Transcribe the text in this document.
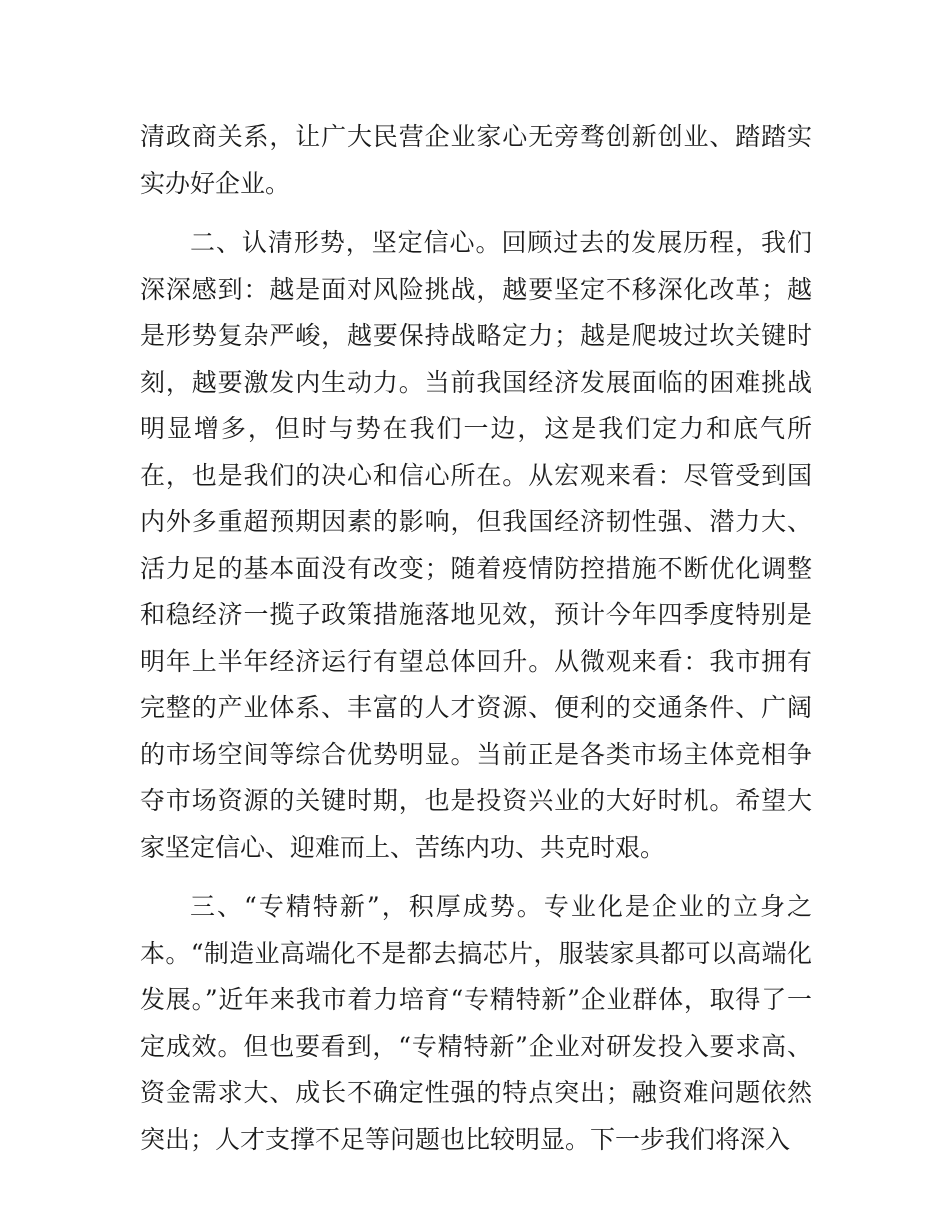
清政商关系，让广大民营企业家心无旁骛创新创业、踏踏实实办好企业。

二、认清形势，坚定信心。回顾过去的发展历程，我们深深感到：越是面对风险挑战，越要坚定不移深化改革；越是形势复杂严峻，越要保持战略定力；越是爬坡过坎关键时刻，越要激发内生动力。当前我国经济发展面临的困难挑战明显增多，但时与势在我们一边，这是我们定力和底气所在，也是我们的决心和信心所在。从宏观来看：尽管受到国内外多重超预期因素的影响，但我国经济韧性强、潜力大、活力足的基本面没有改变；随着疫情防控措施不断优化调整和稳经济一揽子政策措施落地见效，预计今年四季度特别是明年上半年经济运行有望总体回升。从微观来看：我市拥有完整的产业体系、丰富的人才资源、便利的交通条件、广阔的市场空间等综合优势明显。当前正是各类市场主体竞相争夺市场资源的关键时期，也是投资兴业的大好时机。希望大家坚定信心、迎难而上、苦练内功、共克时艰。

三、“专精特新”，积厚成势。专业化是企业的立身之本。“制造业高端化不是都去搞芯片，服装家具都可以高端化发展。”近年来我市着力培育“专精特新”企业群体，取得了一定成效。但也要看到，“专精特新”企业对研发投入要求高、资金需求大、成长不确定性强的特点突出；融资难问题依然突出；人才支撑不足等问题也比较明显。下一步我们将深入
